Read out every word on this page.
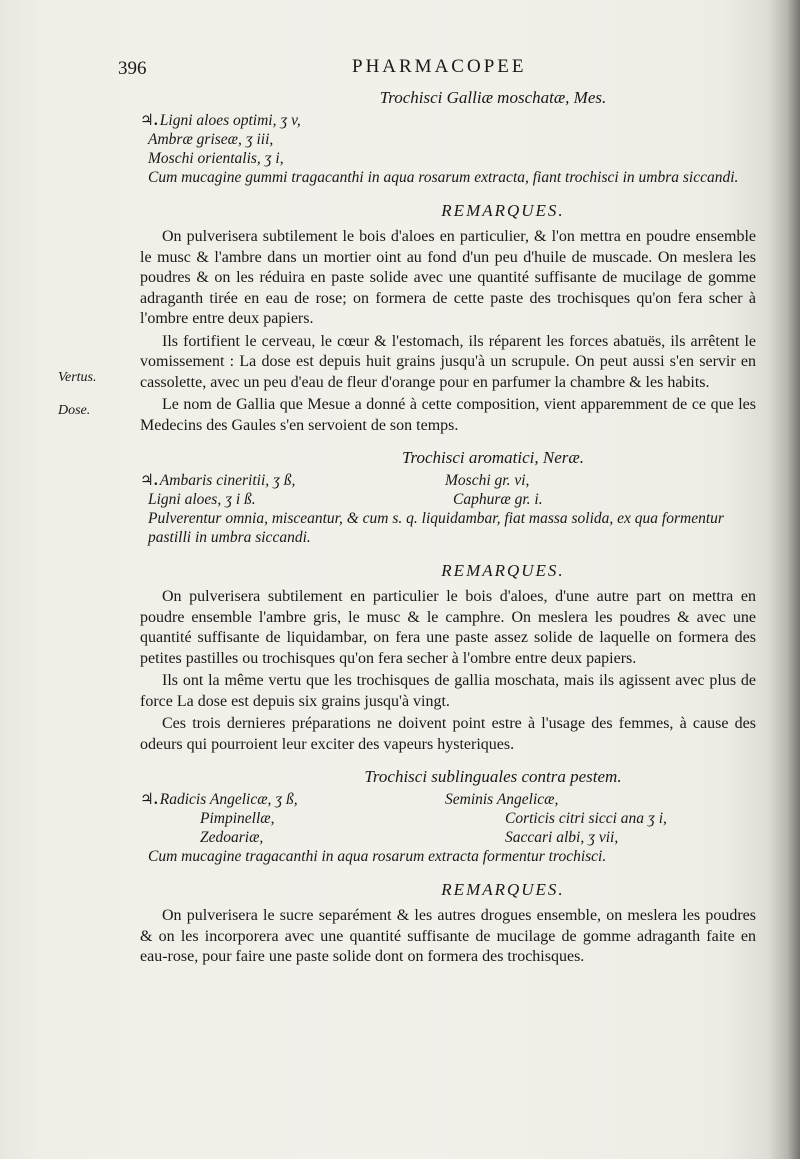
396	PHARMACOPEE
Vertus.
Dose.
Trochisci Galliæ moschatæ, Mes.
♃. Ligni aloes optimi, ʒ v,
Ambræ griseæ, ʒ iii,
Moschi orientalis, ʒ i,
Cum mucagine gummi tragacanthi in aqua rosarum extracta, fiant trochisci in umbra siccandi.
REMARQUES.

On pulverisera subtilement le bois d'aloes en particulier, & l'on mettra en poudre ensemble le musc & l'ambre dans un mortier oint au fond d'un peu d'huile de muscade. On meslera les poudres & on les réduira en paste solide avec une quantité suffisante de mucilage de gomme adraganth tirée en eau de rose; on formera de cette paste des trochisques qu'on fera scher à l'ombre entre deux papiers.

Ils fortifient le cerveau, le cœur & l'estomach, ils réparent les forces abatuës, ils arrêtent le vomissement : La dose est depuis huit grains jusqu'à un scrupule. On peut aussi s'en servir en cassolette, avec un peu d'eau de fleur d'orange pour en parfumer la chambre & les habits.

Le nom de Gallia que Mesue a donné à cette composition, vient apparemment de ce que les Medecins des Gaules s'en servoient de son temps.

Trochisci aromatici, Neræ.
♃. Ambaris cineritii, ʒ ß,	Moschi gr. vi,
Ligni aloes, ʒ i ß.	Caphuræ gr. i.
Pulverentur omnia, misceantur, & cum s. q. liquidambar, fiat massa solida, ex qua formentur pastilli in umbra siccandi.
REMARQUES.

On pulverisera subtilement en particulier le bois d'aloes, d'une autre part on mettra en poudre ensemble l'ambre gris, le musc & le camphre. On meslera les poudres & avec une quantité suffisante de liquidambar, on fera une paste assez solide de laquelle on formera des petites pastilles ou trochisques qu'on fera secher à l'ombre entre deux papiers.

Ils ont la même vertu que les trochisques de gallia moschata, mais ils agissent avec plus de force La dose est depuis six grains jusqu'à vingt.

Ces trois dernieres préparations ne doivent point estre à l'usage des femmes, à cause des odeurs qui pourroient leur exciter des vapeurs hysteriques.

Trochisci sublinguales contra pestem.
♃. Radicis Angelicæ, ʒ ß,	Seminis Angelicæ,
Pimpinellæ,	Corticis citri sicci ana ʒ i,
Zedoariæ,	Saccari albi, ʒ vii,
Cum mucagine tragacanthi in aqua rosarum extracta formentur trochisci.
REMARQUES.

On pulverisera le sucre separément & les autres drogues ensemble, on meslera les poudres & on les incorporera avec une quantité suffisante de mucilage de gomme adraganth faite en eau-rose, pour faire une paste solide dont on formera des trochisques.
